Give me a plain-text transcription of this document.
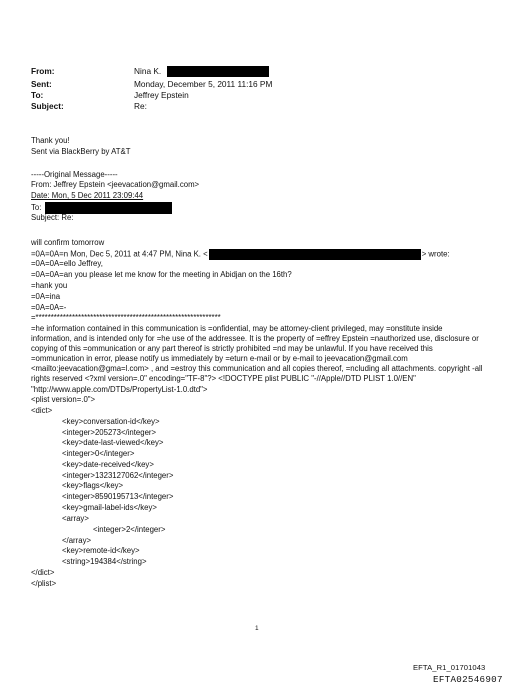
From:	Nina K.
Sent:	Monday, December 5, 2011 11:16 PM
To:	Jeffrey Epstein
Subject:	Re:
Thank you!
Sent via BlackBerry by AT&T
-----Original Message-----
From: Jeffrey Epstein <jeevacation@gmail.com>
Date: Mon, 5 Dec 2011 23:09:44
To:
Subject: Re:
will confirm tomorrow
=0A=0A=n Mon, Dec 5, 2011 at 4:47 PM, Nina K. <	> wrote:
=0A=0A=ello Jeffrey,
=0A=0A=an you please let me know for the meeting in Abidjan on the 16th?
=hank you
=0A=ina
=0A=0A=-
=*************************************************************
=he information contained in this communication is =onfidential, may be attorney-client privileged, may =onstitute inside information, and is intended only for =he use of the addressee. It is the property of =effrey Epstein =nauthorized use, disclosure or copying of this =ommunication or any part thereof is strictly prohibited =nd may be unlawful. If you have received this =ommunication in error, please notify us immediately by =eturn e-mail or by e-mail to jeevacation@gmail.com <mailto:jeevacation@gma=l.com> , and =estroy this communication and all copies thereof, =ncluding all attachments. copyright -all rights reserved <?xml version=.0" encoding="TF-8"?> <!DOCTYPE plist PUBLIC "-//Apple//DTD PLIST 1.0//EN" "http://www.apple.com/DTDs/PropertyList-1.0.dtd">
<plist version=.0">
<dict>
<key>conversation-id</key>
<integer>205273</integer>
<key>date-last-viewed</key>
<integer>0</integer>
<key>date-received</key>
<integer>1323127062</integer>
<key>flags</key>
<integer>8590195713</integer>
<key>gmail-label-ids</key>
<array>
<integer>2</integer>
</array>
<key>remote-id</key>
<string>194384</string>
</dict>
</plist>
1
EFTA_R1_01701043
EFTA02546907
